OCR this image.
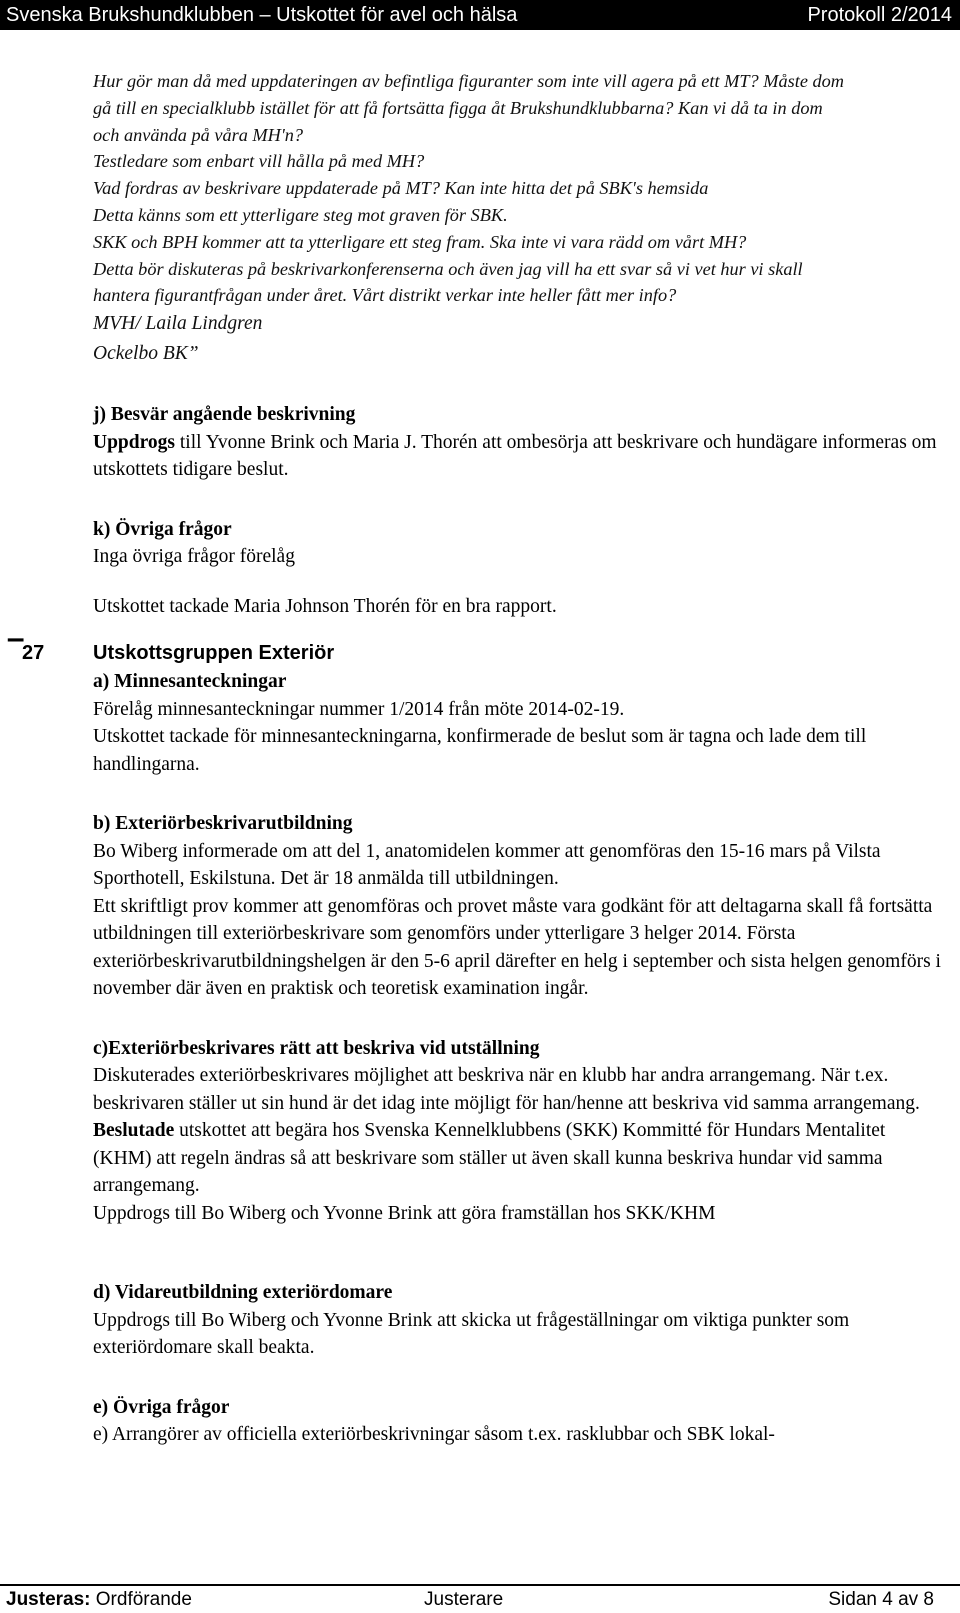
Svenska Brukshundklubben – Utskottet för avel och hälsa	Protokoll 2/2014

Hur gör man då med uppdateringen av befintliga figuranter som inte vill agera på ett MT? Måste dom

gå till en specialklubb istället för att få fortsätta figga åt Brukshundklubbarna? Kan vi då ta in dom

och använda på våra MH'n?

Testledare som enbart vill hålla på med MH?

Vad fordras av beskrivare uppdaterade på MT? Kan inte hitta det på SBK's hemsida

Detta känns som ett ytterligare steg mot graven för SBK.

SKK och BPH kommer att ta ytterligare ett steg fram. Ska inte vi vara rädd om vårt MH?

Detta bör diskuteras på beskrivarkonferenserna och även jag vill ha ett svar så vi vet hur vi skall

hantera figurantfrågan under året. Vårt distrikt verkar inte heller fått mer info?

MVH/ Laila Lindgren

Ockelbo BK”

j) Besvär angående beskrivning

Uppdrogs till Yvonne Brink och Maria J. Thorén att ombesörja att beskrivare och hundägare informeras om utskottets tidigare beslut.

k) Övriga frågor

Inga övriga frågor förelåg

Utskottet tackade Maria Johnson Thorén för en bra rapport.

▔
27 Utskottsgruppen Exteriör
a) Minnesanteckningar

Förelåg minnesanteckningar nummer 1/2014 från möte 2014-02-19.

Utskottet tackade för minnesanteckningarna, konfirmerade de beslut som är tagna och lade dem till handlingarna.

b) Exteriörbeskrivarutbildning

Bo Wiberg informerade om att del 1, anatomidelen kommer att genomföras den 15-16 mars på Vilsta Sporthotell, Eskilstuna. Det är 18 anmälda till utbildningen.

Ett skriftligt prov kommer att genomföras och provet måste vara godkänt för att deltagarna skall få fortsätta utbildningen till exteriörbeskrivare som genomförs under ytterligare 3 helger 2014. Första exteriörbeskrivarutbildningshelgen är den 5-6 april därefter en helg i september och sista helgen genomförs i november där även en praktisk och teoretisk examination ingår.

c)Exteriörbeskrivares rätt att beskriva vid utställning

Diskuterades exteriörbeskrivares möjlighet att beskriva när en klubb har andra arrangemang. När t.ex. beskrivaren ställer ut sin hund är det idag inte möjligt för han/henne att beskriva vid samma arrangemang.

Beslutade utskottet att begära hos Svenska Kennelklubbens (SKK) Kommitté för Hundars Mentalitet (KHM) att regeln ändras så att beskrivare som ställer ut även skall kunna beskriva hundar vid samma arrangemang.

Uppdrogs till Bo Wiberg och Yvonne Brink att göra framställan hos SKK/KHM

d) Vidareutbildning exteriördomare

Uppdrogs till Bo Wiberg och Yvonne Brink att skicka ut frågeställningar om viktiga punkter som exteriördomare skall beakta.

e) Övriga frågor

e) Arrangörer av officiella exteriörbeskrivningar såsom t.ex. rasklubbar och SBK lokal-

Justeras: Ordförande	Justerare	Sidan 4 av 8
